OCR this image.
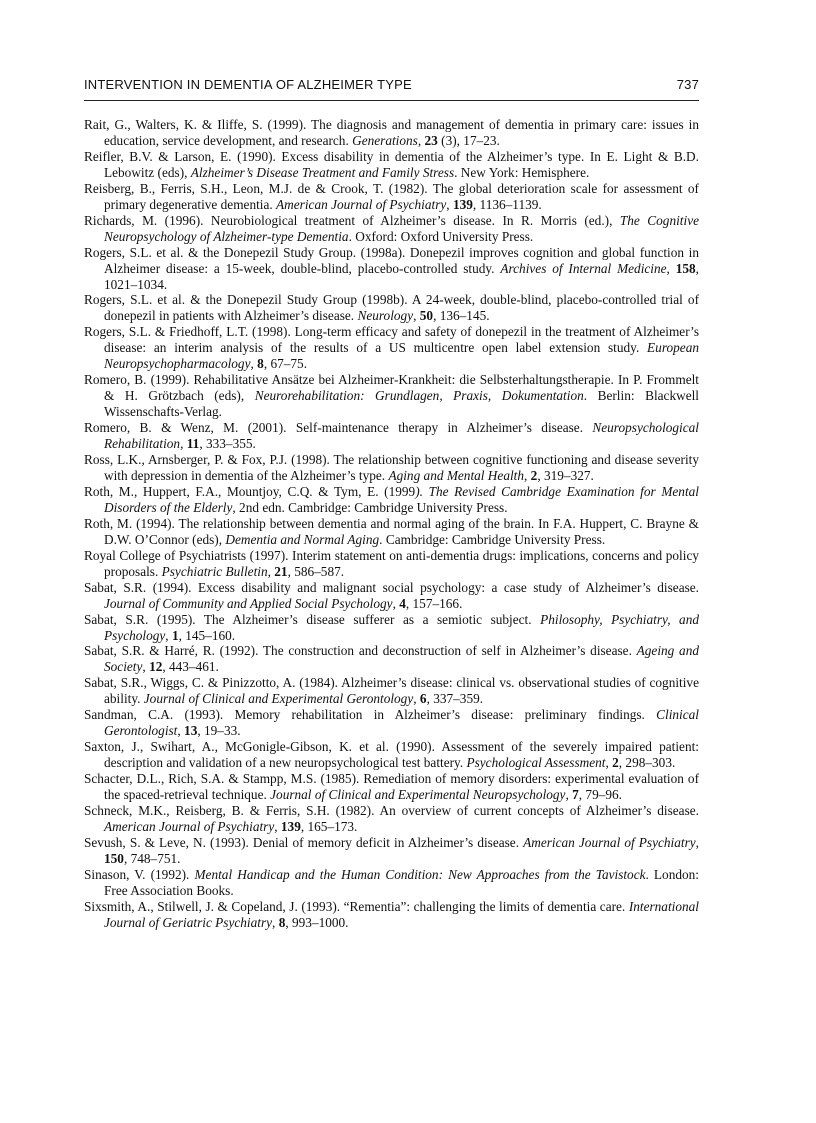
INTERVENTION IN DEMENTIA OF ALZHEIMER TYPE	737

Rait, G., Walters, K. & Iliffe, S. (1999). The diagnosis and management of dementia in primary care: issues in education, service development, and research. Generations, 23 (3), 17–23.

Reifler, B.V. & Larson, E. (1990). Excess disability in dementia of the Alzheimer’s type. In E. Light & B.D. Lebowitz (eds), Alzheimer’s Disease Treatment and Family Stress. New York: Hemisphere.

Reisberg, B., Ferris, S.H., Leon, M.J. de & Crook, T. (1982). The global deterioration scale for assessment of primary degenerative dementia. American Journal of Psychiatry, 139, 1136–1139.

Richards, M. (1996). Neurobiological treatment of Alzheimer’s disease. In R. Morris (ed.), The Cognitive Neuropsychology of Alzheimer-type Dementia. Oxford: Oxford University Press.

Rogers, S.L. et al. & the Donepezil Study Group. (1998a). Donepezil improves cognition and global function in Alzheimer disease: a 15-week, double-blind, placebo-controlled study. Archives of Internal Medicine, 158, 1021–1034.

Rogers, S.L. et al. & the Donepezil Study Group (1998b). A 24-week, double-blind, placebo-controlled trial of donepezil in patients with Alzheimer’s disease. Neurology, 50, 136–145.

Rogers, S.L. & Friedhoff, L.T. (1998). Long-term efficacy and safety of donepezil in the treatment of Alzheimer’s disease: an interim analysis of the results of a US multicentre open label extension study. European Neuropsychopharmacology, 8, 67–75.

Romero, B. (1999). Rehabilitative Ansätze bei Alzheimer-Krankheit: die Selbsterhaltungstherapie. In P. Frommelt & H. Grötzbach (eds), Neurorehabilitation: Grundlagen, Praxis, Dokumentation. Berlin: Blackwell Wissenschafts-Verlag.

Romero, B. & Wenz, M. (2001). Self-maintenance therapy in Alzheimer’s disease. Neuropsychological Rehabilitation, 11, 333–355.

Ross, L.K., Arnsberger, P. & Fox, P.J. (1998). The relationship between cognitive functioning and disease severity with depression in dementia of the Alzheimer’s type. Aging and Mental Health, 2, 319–327.

Roth, M., Huppert, F.A., Mountjoy, C.Q. & Tym, E. (1999). The Revised Cambridge Examination for Mental Disorders of the Elderly, 2nd edn. Cambridge: Cambridge University Press.

Roth, M. (1994). The relationship between dementia and normal aging of the brain. In F.A. Huppert, C. Brayne & D.W. O’Connor (eds), Dementia and Normal Aging. Cambridge: Cambridge University Press.

Royal College of Psychiatrists (1997). Interim statement on anti-dementia drugs: implications, concerns and policy proposals. Psychiatric Bulletin, 21, 586–587.

Sabat, S.R. (1994). Excess disability and malignant social psychology: a case study of Alzheimer’s disease. Journal of Community and Applied Social Psychology, 4, 157–166.

Sabat, S.R. (1995). The Alzheimer’s disease sufferer as a semiotic subject. Philosophy, Psychiatry, and Psychology, 1, 145–160.

Sabat, S.R. & Harré, R. (1992). The construction and deconstruction of self in Alzheimer’s disease. Ageing and Society, 12, 443–461.

Sabat, S.R., Wiggs, C. & Pinizzotto, A. (1984). Alzheimer’s disease: clinical vs. observational studies of cognitive ability. Journal of Clinical and Experimental Gerontology, 6, 337–359.

Sandman, C.A. (1993). Memory rehabilitation in Alzheimer’s disease: preliminary findings. Clinical Gerontologist, 13, 19–33.

Saxton, J., Swihart, A., McGonigle-Gibson, K. et al. (1990). Assessment of the severely impaired patient: description and validation of a new neuropsychological test battery. Psychological Assessment, 2, 298–303.

Schacter, D.L., Rich, S.A. & Stampp, M.S. (1985). Remediation of memory disorders: experimental evaluation of the spaced-retrieval technique. Journal of Clinical and Experimental Neuropsychology, 7, 79–96.

Schneck, M.K., Reisberg, B. & Ferris, S.H. (1982). An overview of current concepts of Alzheimer’s disease. American Journal of Psychiatry, 139, 165–173.

Sevush, S. & Leve, N. (1993). Denial of memory deficit in Alzheimer’s disease. American Journal of Psychiatry, 150, 748–751.

Sinason, V. (1992). Mental Handicap and the Human Condition: New Approaches from the Tavistock. London: Free Association Books.

Sixsmith, A., Stilwell, J. & Copeland, J. (1993). “Rementia”: challenging the limits of dementia care. International Journal of Geriatric Psychiatry, 8, 993–1000.
